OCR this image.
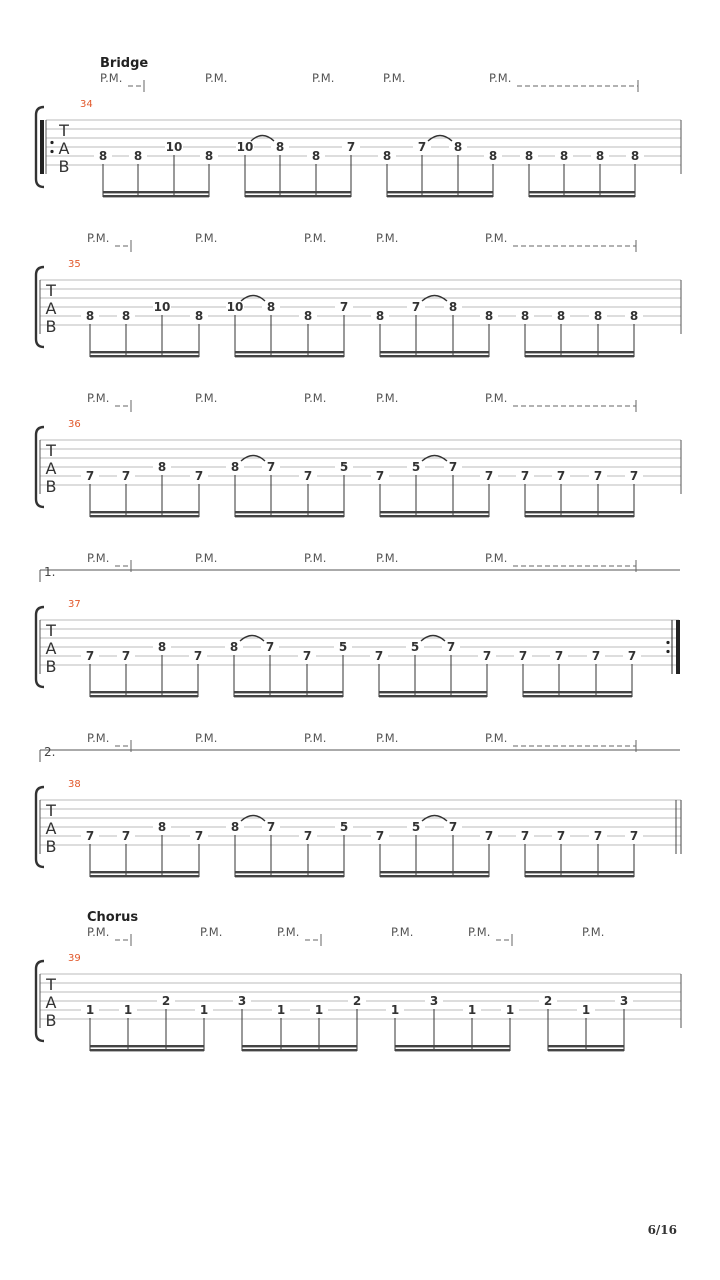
Bridge
P.M.	P.M.	P.M.	P.M.	P.M.
34
T
A
B
8 8
10
8
10 8
8
7
8
7 8
8 8 8 8 8
P.M.	P.M.	P.M.	P.M.	P.M.
35
T
A
B
8 8
10
8
10 8
8
7
8
7 8
8 8 8 8 8
P.M.	P.M.	P.M.	P.M.	P.M.
36
T
A
B
7 7
8
7
8 7
7
5
7
5 7
7 7 7 7 7
1.
P.M.	P.M.	P.M.	P.M.	P.M.
37
T
A
B
7 7
8
7
8 7
7
5
7
5 7
7 7 7 7 7
2.
P.M.	P.M.	P.M.	P.M.	P.M.
38
T
A
B
7 7
8
7
8 7
7
5
7
5 7
7 7 7 7 7
Chorus
P.M.	P.M.	P.M.	P.M.	P.M.	P.M.
39
T
A
B
1 1
2
1
3
1 1
2
1
3
1 1
2
1
3
6/16
